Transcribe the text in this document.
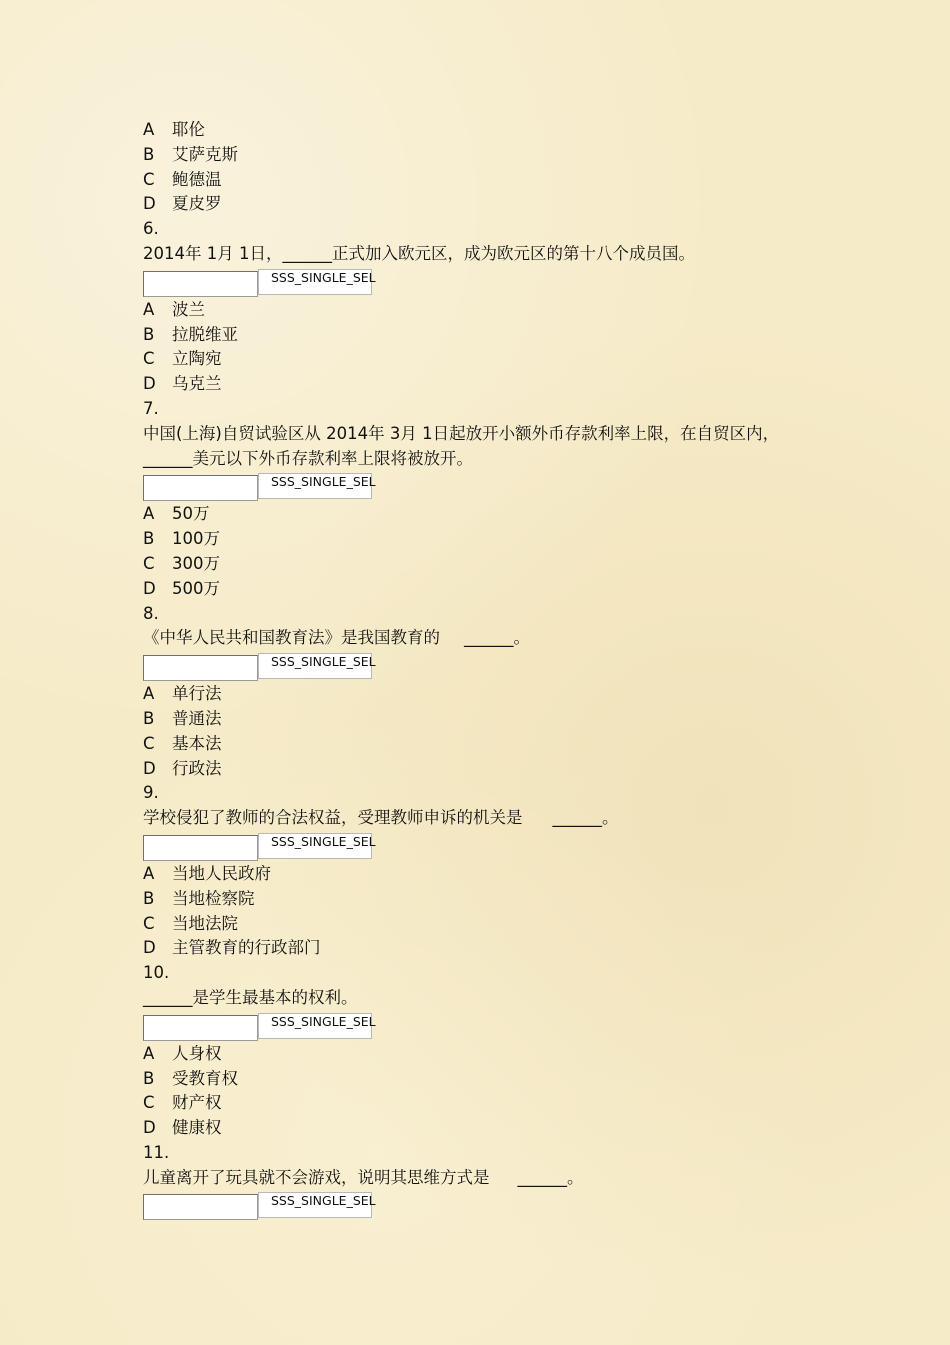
A 耶伦
B 艾萨克斯
C 鲍德温
D 夏皮罗
6.
2014年 1月 1日，______正式加入欧元区，成为欧元区的第十八个成员国。
SSS_SINGLE_SEL
A 波兰
B 拉脱维亚
C 立陶宛
D 乌克兰
7.
中国(上海)自贸试验区从 2014年 3月 1日起放开小额外币存款利率上限，在自贸区内，______美元以下外币存款利率上限将被放开。
SSS_SINGLE_SEL
A 50万
B 100万
C 300万
D 500万
8.
《中华人民共和国教育法》是我国教育的 ______。
SSS_SINGLE_SEL
A 单行法
B 普通法
C 基本法
D 行政法
9.
学校侵犯了教师的合法权益，受理教师申诉的机关是 ______。
SSS_SINGLE_SEL
A 当地人民政府
B 当地检察院
C 当地法院
D 主管教育的行政部门
10.
______是学生最基本的权利。
SSS_SINGLE_SEL
A 人身权
B 受教育权
C 财产权
D 健康权
11.
儿童离开了玩具就不会游戏，说明其思维方式是 ______。
SSS_SINGLE_SEL
